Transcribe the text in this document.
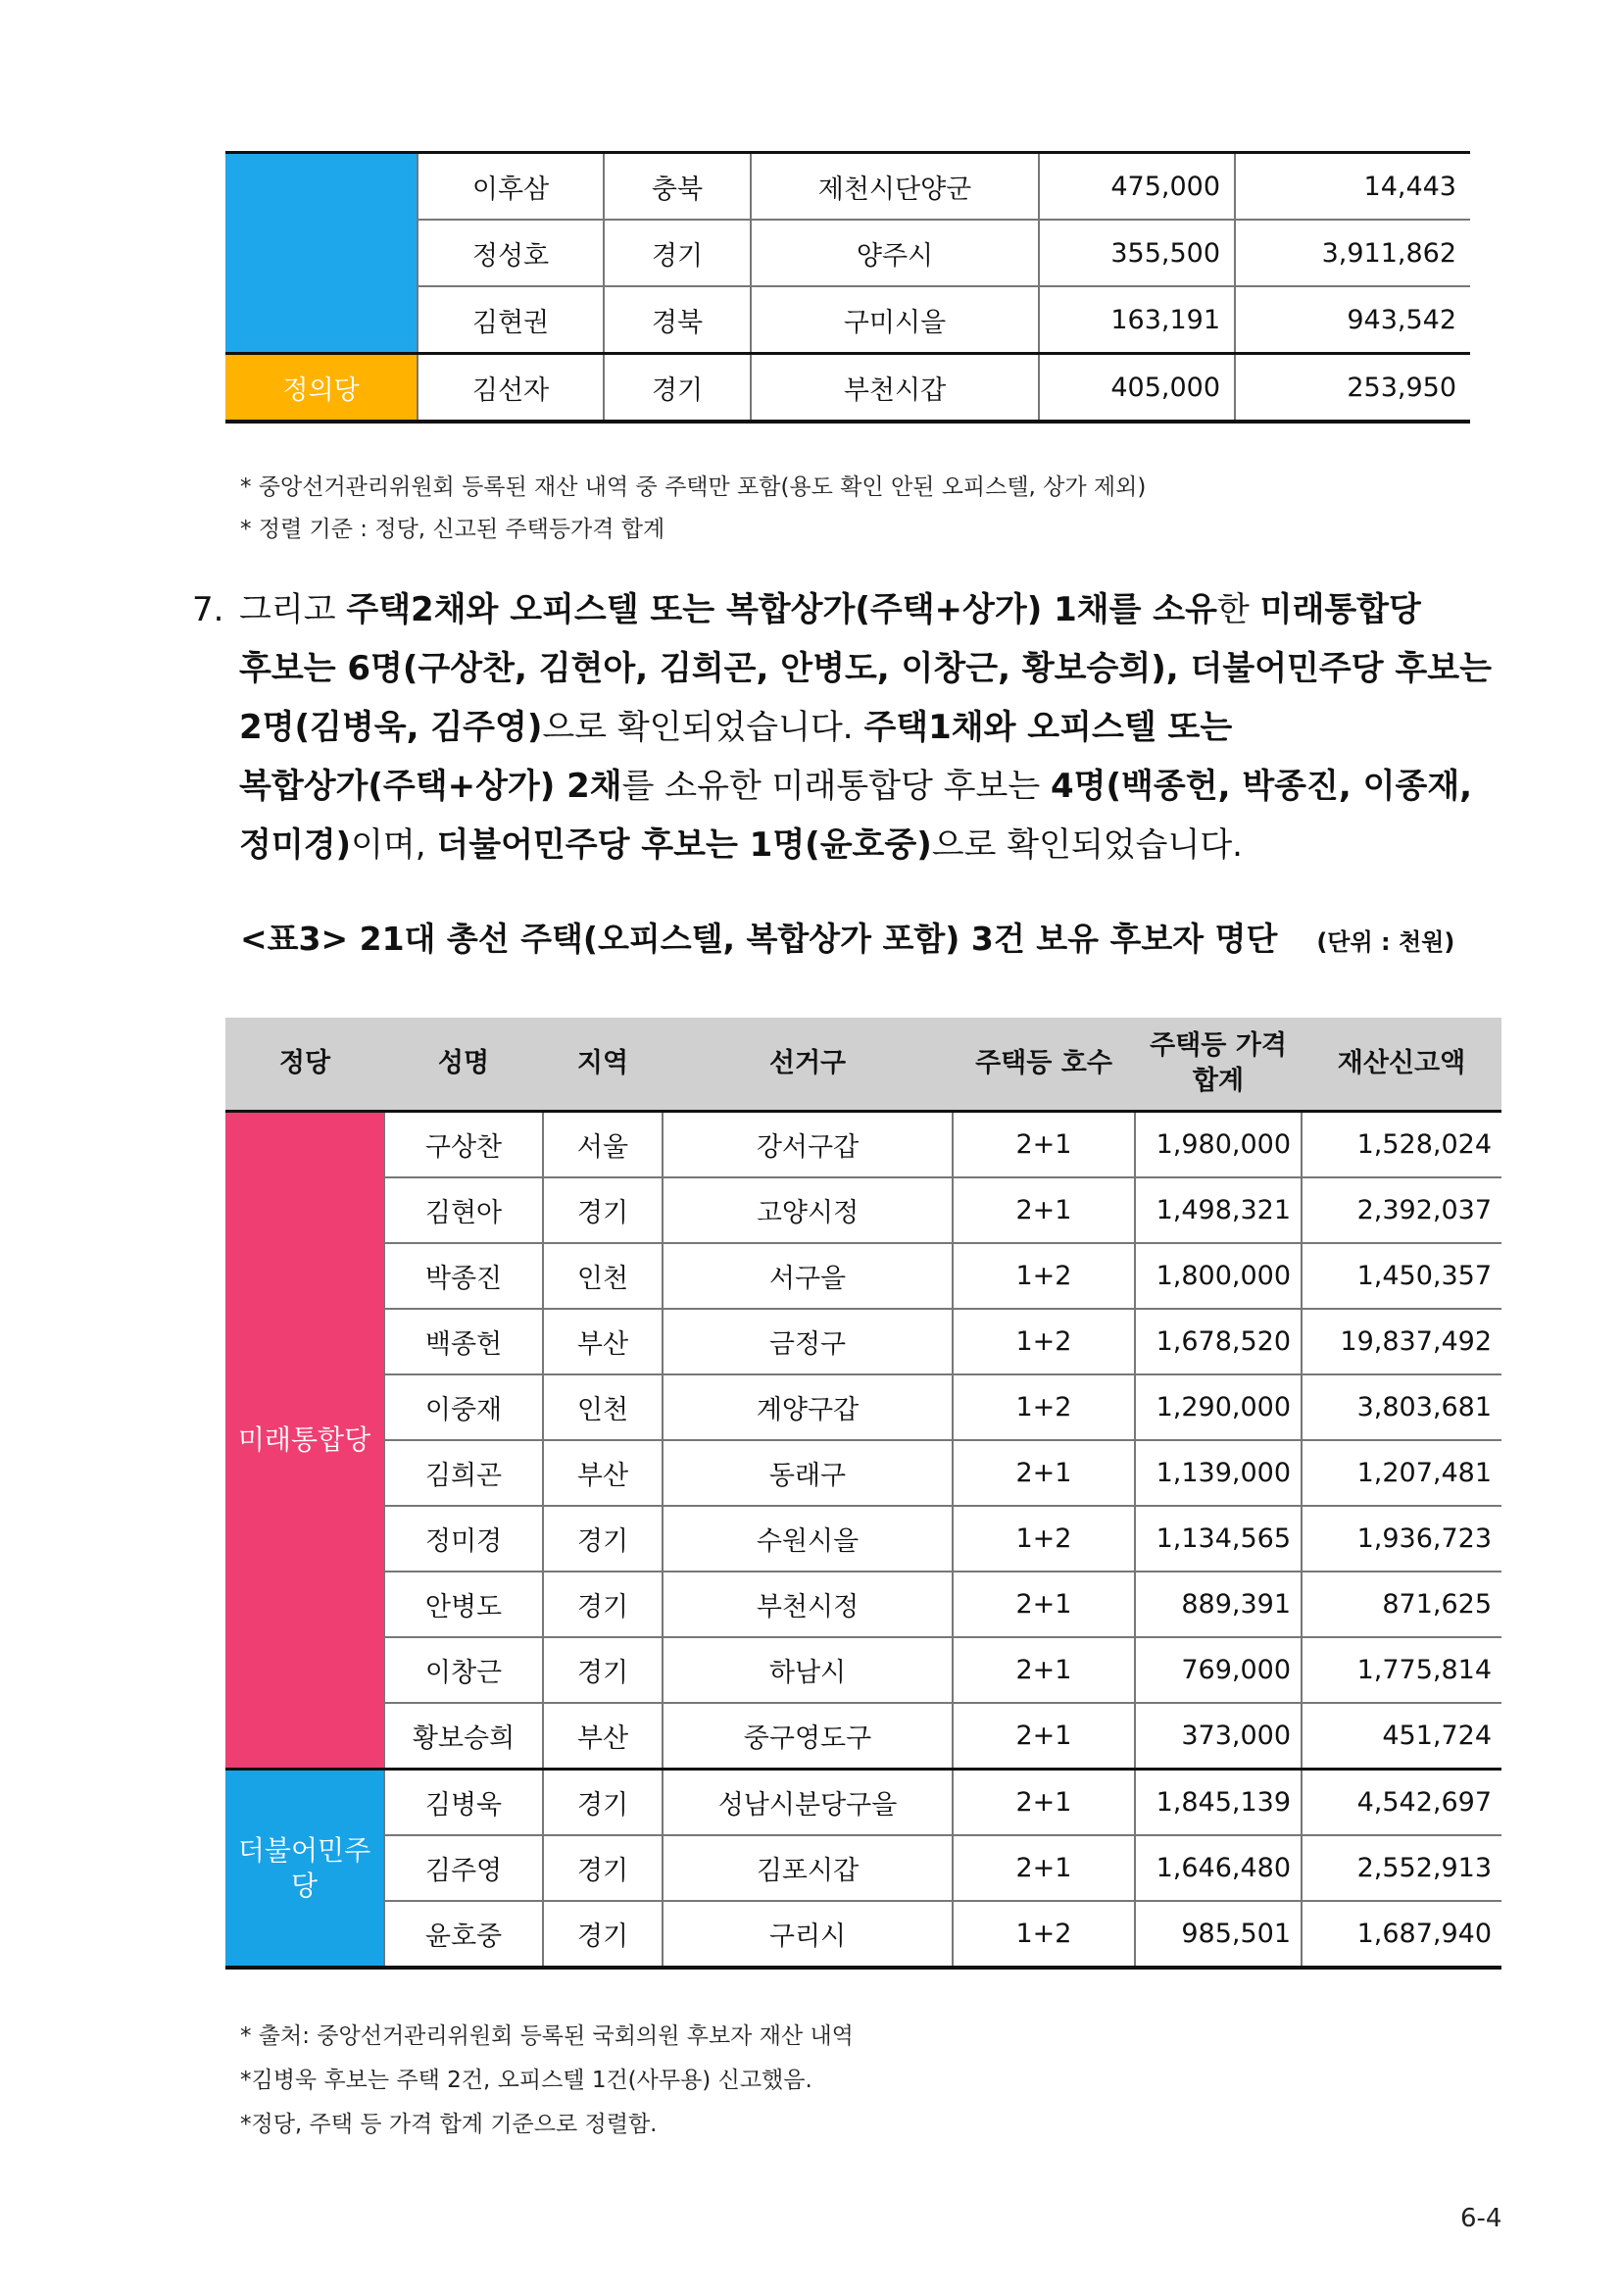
	이후삼	충북	제천시단양군	475,000	14,443
	정성호	경기	양주시	355,500	3,911,862
	김현권	경북	구미시을	163,191	943,542
정의당	김선자	경기	부천시갑	405,000	253,950
* 중앙선거관리위원회 등록된 재산 내역 중 주택만 포함(용도 확인 안된 오피스텔, 상가 제외)
* 정렬 기준 : 정당, 신고된 주택등가격 합계
7. 그리고 주택2채와 오피스텔 또는 복합상가(주택+상가) 1채를 소유한 미래통합당
후보는 6명(구상찬, 김현아, 김희곤, 안병도, 이창근, 황보승희), 더불어민주당 후보는
2명(김병욱, 김주영)으로 확인되었습니다. 주택1채와 오피스텔 또는
복합상가(주택+상가) 2채를 소유한 미래통합당 후보는 4명(백종헌, 박종진, 이종재,
정미경)이며, 더불어민주당 후보는 1명(윤호중)으로 확인되었습니다.
<표3> 21대 총선 주택(오피스텔, 복합상가 포함) 3건 보유 후보자 명단 (단위 : 천원)
정당	성명	지역	선거구	주택등 호수	주택등 가격 합계	재산신고액
미래통합당	구상찬	서울	강서구갑	2+1	1,980,000	1,528,024
	김현아	경기	고양시정	2+1	1,498,321	2,392,037
	박종진	인천	서구을	1+2	1,800,000	1,450,357
	백종헌	부산	금정구	1+2	1,678,520	19,837,492
	이중재	인천	계양구갑	1+2	1,290,000	3,803,681
	김희곤	부산	동래구	2+1	1,139,000	1,207,481
	정미경	경기	수원시을	1+2	1,134,565	1,936,723
	안병도	경기	부천시정	2+1	889,391	871,625
	이창근	경기	하남시	2+1	769,000	1,775,814
	황보승희	부산	중구영도구	2+1	373,000	451,724
더불어민주당	김병욱	경기	성남시분당구을	2+1	1,845,139	4,542,697
	김주영	경기	김포시갑	2+1	1,646,480	2,552,913
	윤호중	경기	구리시	1+2	985,501	1,687,940
* 출처: 중앙선거관리위원회 등록된 국회의원 후보자 재산 내역
*김병욱 후보는 주택 2건, 오피스텔 1건(사무용) 신고했음.
*정당, 주택 등 가격 합계 기준으로 정렬함.
6-4
